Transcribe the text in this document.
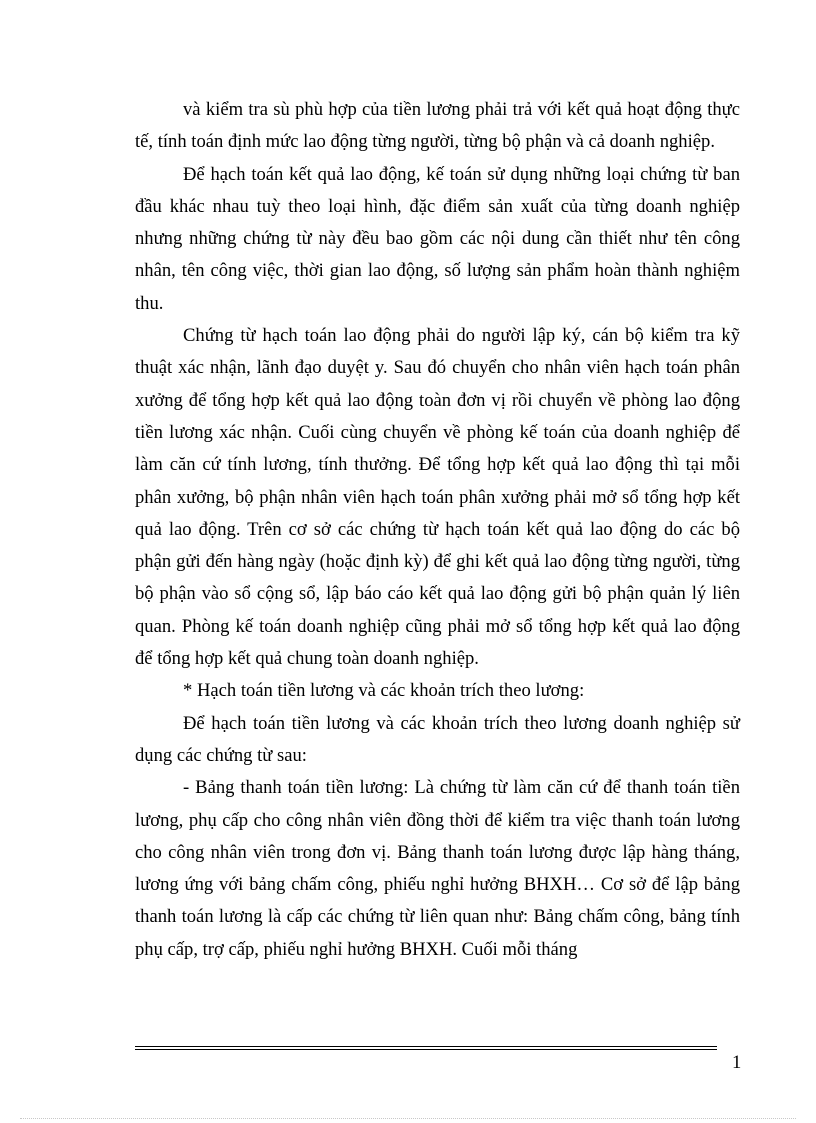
và kiểm tra sù phù hợp của tiền lương phải trả với kết quả hoạt động thực tế, tính toán định mức lao động từng người, từng bộ phận và cả doanh nghiệp.

Để hạch toán kết quả lao động, kế toán sử dụng những loại chứng từ ban đầu khác nhau tuỳ theo loại hình, đặc điểm sản xuất của từng doanh nghiệp nhưng những chứng từ này đều bao gồm các nội dung cần thiết như tên công nhân, tên công việc, thời gian lao động, số lượng sản phẩm hoàn thành nghiệm thu.

Chứng từ hạch toán lao động phải do người lập ký, cán bộ kiểm tra kỹ thuật xác nhận, lãnh đạo duyệt y. Sau đó chuyển cho nhân viên hạch toán phân xưởng để tổng hợp kết quả lao động toàn đơn vị rồi chuyển về phòng lao động tiền lương xác nhận. Cuối cùng chuyển về phòng kế toán của doanh nghiệp để làm căn cứ tính lương, tính thưởng. Để tổng hợp kết quả lao động thì tại mỗi phân xưởng, bộ phận nhân viên hạch toán phân xưởng phải mở sổ tổng hợp kết quả lao động. Trên cơ sở các chứng từ hạch toán kết quả lao động do các bộ phận gửi đến hàng ngày (hoặc định kỳ) để ghi kết quả lao động từng người, từng bộ phận vào sổ cộng sổ, lập báo cáo kết quả lao động gửi bộ phận quản lý liên quan. Phòng kế toán doanh nghiệp cũng phải mở sổ tổng hợp kết quả lao động để tổng hợp kết quả chung toàn doanh nghiệp.

* Hạch toán tiền lương và các khoản trích theo lương:

Để hạch toán tiền lương và các khoản trích theo lương doanh nghiệp sử dụng các chứng từ sau:

- Bảng thanh toán tiền lương: Là chứng từ làm căn cứ để thanh toán tiền lương, phụ cấp cho công nhân viên đồng thời để kiểm tra việc thanh toán lương cho công nhân viên trong đơn vị. Bảng thanh toán lương được lập hàng tháng, lương ứng với bảng chấm công, phiếu nghỉ hưởng BHXH… Cơ sở để lập bảng thanh toán lương là cấp các chứng từ liên quan như: Bảng chấm công, bảng tính phụ cấp, trợ cấp, phiếu nghỉ hưởng BHXH. Cuối mỗi tháng

1
